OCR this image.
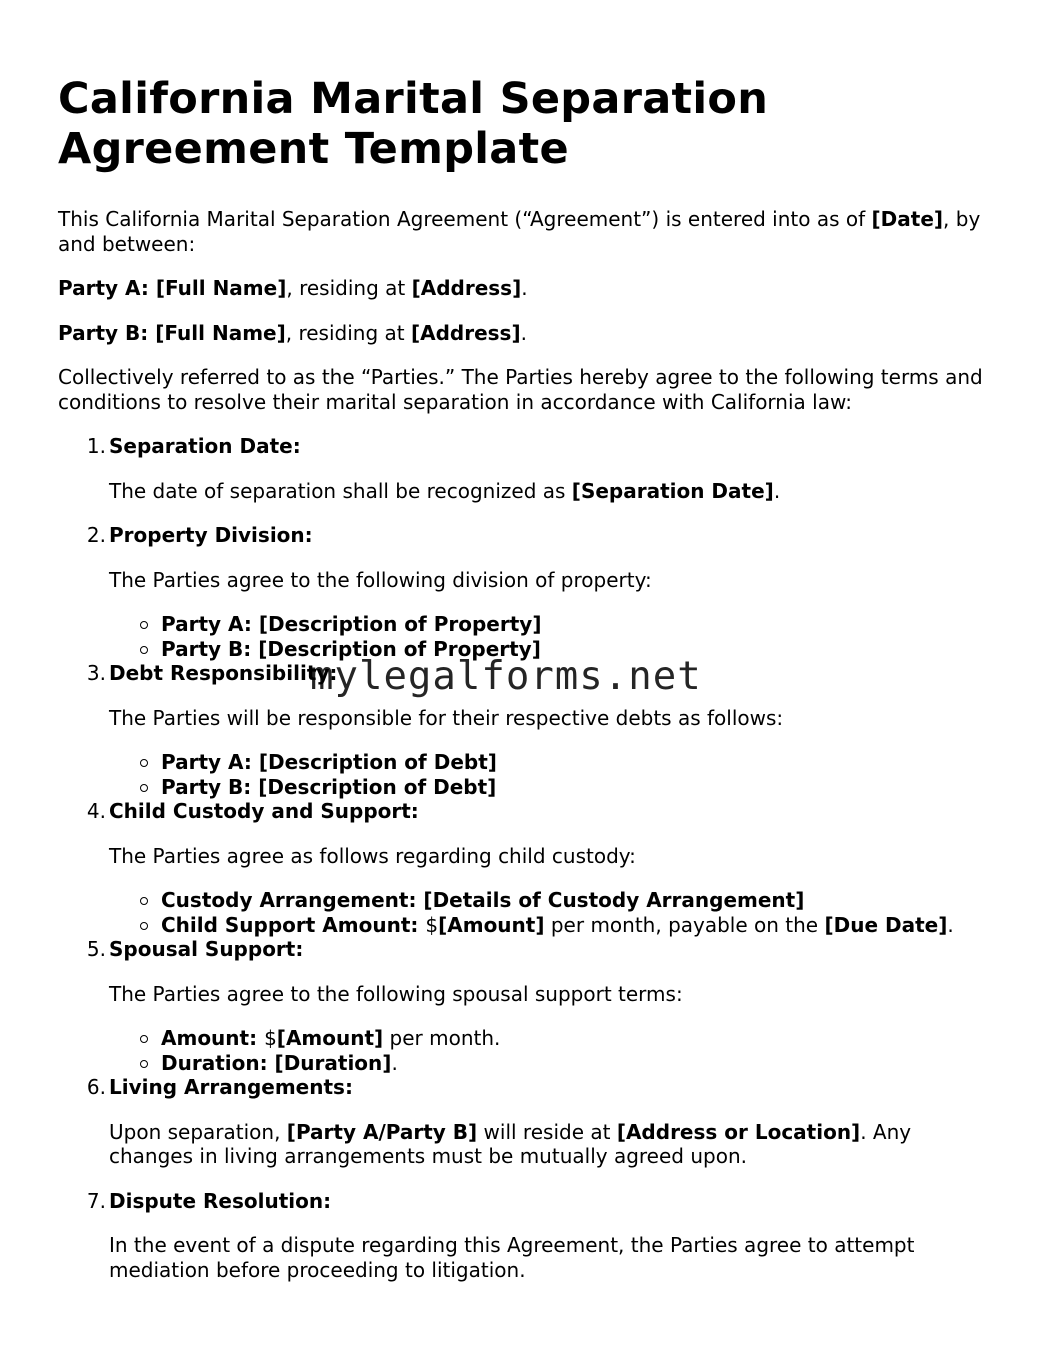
California Marital Separation Agreement Template

This California Marital Separation Agreement (“Agreement”) is entered into as of [Date], by and between:

Party A: [Full Name], residing at [Address].

Party B: [Full Name], residing at [Address].

Collectively referred to as the “Parties.” The Parties hereby agree to the following terms and conditions to resolve their marital separation in accordance with California law:

1. Separation Date:
The date of separation shall be recognized as [Separation Date].
2. Property Division:
The Parties agree to the following division of property:
Party A: [Description of Property]
Party B: [Description of Property]
3. Debt Responsibility:
The Parties will be responsible for their respective debts as follows:
Party A: [Description of Debt]
Party B: [Description of Debt]
4. Child Custody and Support:
The Parties agree as follows regarding child custody:
Custody Arrangement: [Details of Custody Arrangement]
Child Support Amount: $[Amount] per month, payable on the [Due Date].
5. Spousal Support:
The Parties agree to the following spousal support terms:
Amount: $[Amount] per month.
Duration: [Duration].
6. Living Arrangements:
Upon separation, [Party A/Party B] will reside at [Address or Location]. Any changes in living arrangements must be mutually agreed upon.
7. Dispute Resolution:
In the event of a dispute regarding this Agreement, the Parties agree to attempt mediation before proceeding to litigation.
mylegalforms.net
